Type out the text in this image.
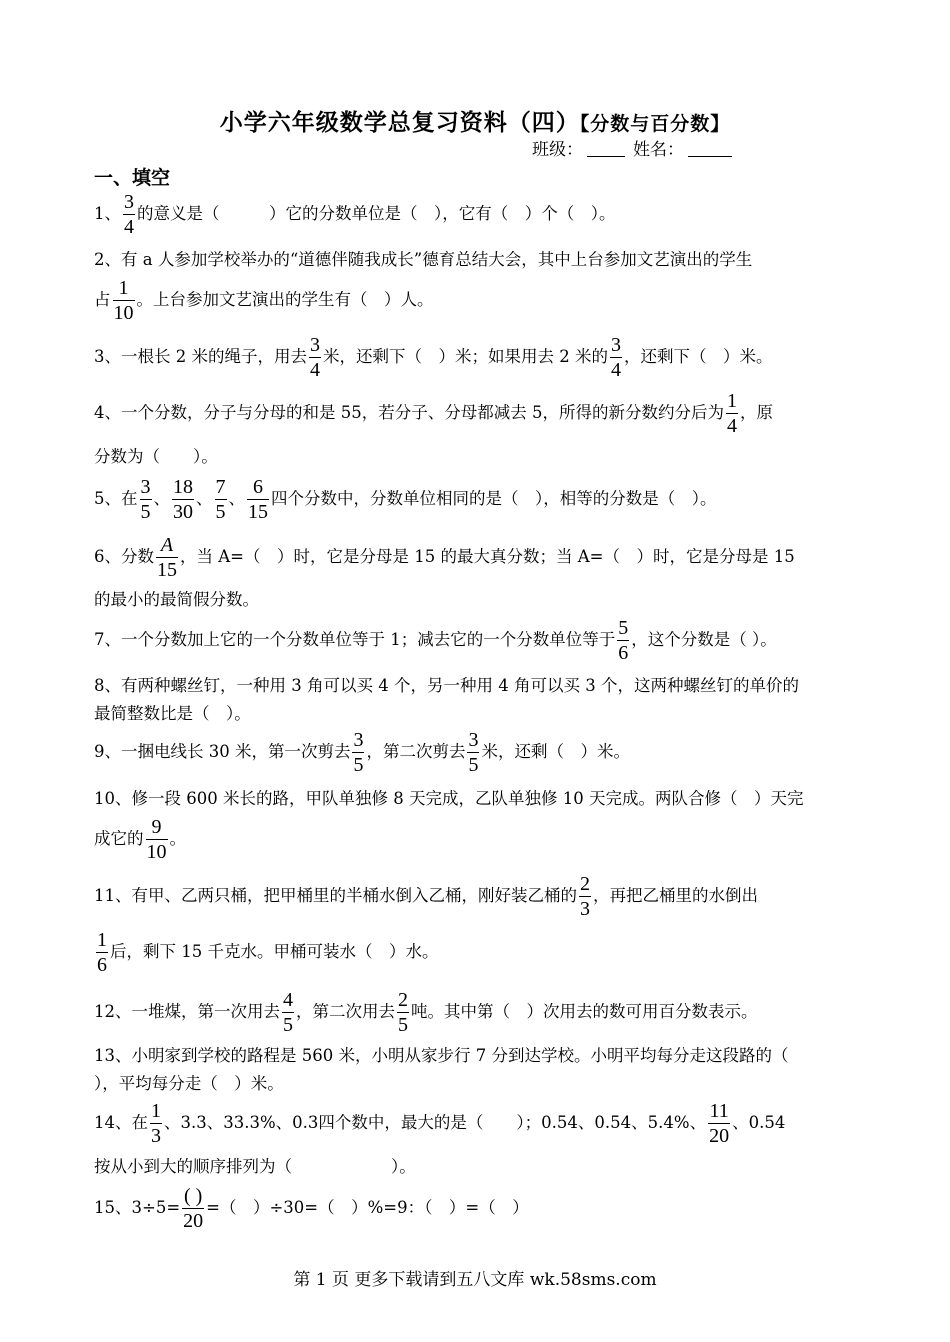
小学六年级数学总复习资料（四）【分数与百分数】
班级：	姓名：
一、填空
1、 $\frac{3}{4}$ 的意义是（　　　）它的分数单位是（　），它有（　）个（　）。
2、有 a 人参加学校举办的“道德伴随我成长”德育总结大会，其中上台参加文艺演出的学生
占 $\frac{1}{10}$ 。上台参加文艺演出的学生有（　）人。
3、一根长 2 米的绳子，用去 $\frac{3}{4}$ 米，还剩下（　）米；如果用去 2 米的 $\frac{3}{4}$ ，还剩下（　）米。
4、一个分数，分子与分母的和是 55，若分子、分母都减去 5，所得的新分数约分后为 $\frac{1}{4}$ ，原
分数为（　　）。
5、在 $\frac{3}{5}$ 、 $\frac{18}{30}$ 、 $\frac{7}{5}$ 、 $\frac{6}{15}$ 四个分数中，分数单位相同的是（　），相等的分数是（　）。
6、分数 $\frac{A}{15}$ ，当 A=（　）时，它是分母是 15 的最大真分数；当 A=（　）时，它是分母是 15
的最小的最简假分数。
7、一个分数加上它的一个分数单位等于 1；减去它的一个分数单位等于 $\frac{5}{6}$ ，这个分数是（ ）。
8、有两种螺丝钉，一种用 3 角可以买 4 个，另一种用 4 角可以买 3 个，这两种螺丝钉的单价的
最简整数比是（　）。
9、一捆电线长 30 米，第一次剪去 $\frac{3}{5}$ ，第二次剪去 $\frac{3}{5}$ 米，还剩（　）米。
10、修一段 600 米长的路，甲队单独修 8 天完成，乙队单独修 10 天完成。两队合修（　）天完
成它的 $\frac{9}{10}$ 。
11、有甲、乙两只桶，把甲桶里的半桶水倒入乙桶，刚好装乙桶的 $\frac{2}{3}$ ，再把乙桶里的水倒出
$\frac{1}{6}$ 后，剩下 15 千克水。甲桶可装水（　）水。
12、一堆煤，第一次用去 $\frac{4}{5}$ ，第二次用去 $\frac{2}{5}$ 吨。其中第（　）次用去的数可用百分数表示。
13、小明家到学校的路程是 560 米，小明从家步行 7 分到达学校。小明平均每分走这段路的（
），平均每分走（　）米。
14、在 $\frac{1}{3}$ 、3.3、33.3%、0.3四个数中，最大的是（　　）；0.54、0.54、5.4%、 $\frac{11}{20}$ 、0.54
按从小到大的顺序排列为（　　　　　　）。
15、3÷5=
( )
20
=（　）÷30=（　）%=9：（　）=（　）
第 1 页 更多下载请到五八文库 wk.58sms.com
